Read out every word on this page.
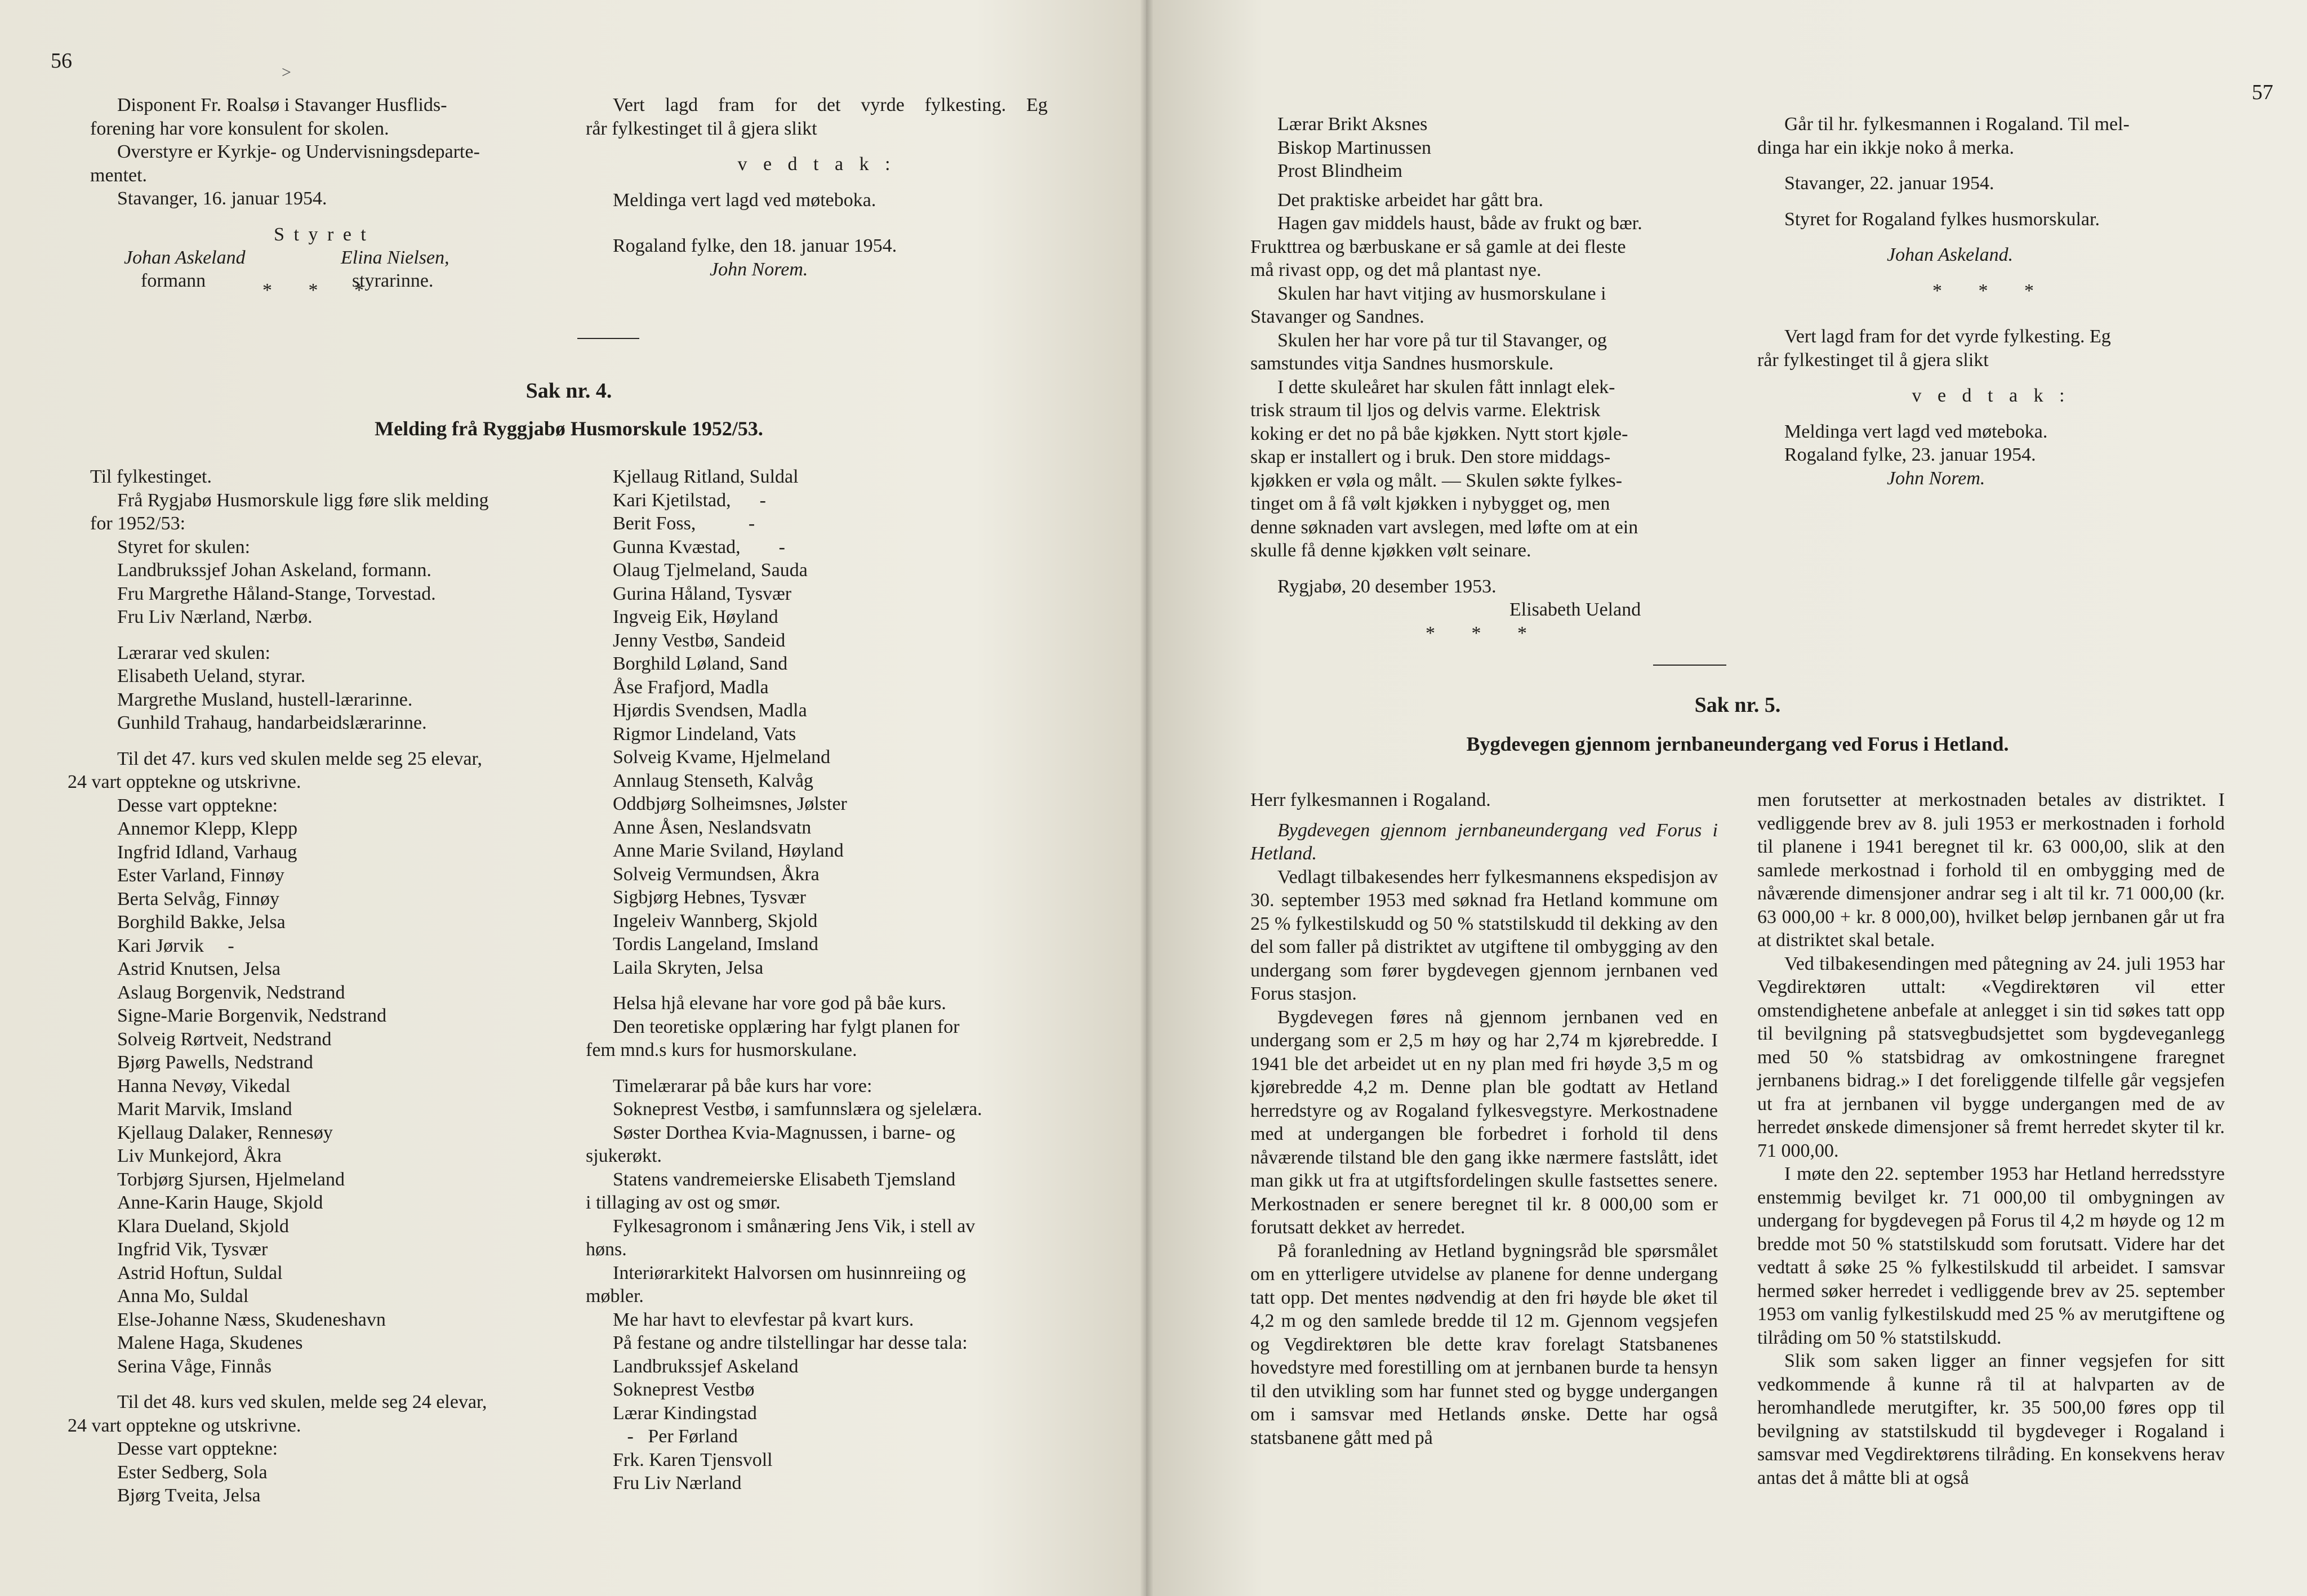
56	>

Disponent Fr. Roalsø i Stavanger Husflids-

forening har vore konsulent for skolen.

Overstyre er Kyrkje- og Undervisningsdeparte-

mentet.

Stavanger, 16. januar 1954.

S t y r e t

Johan Askeland	Elina Nielsen,

formann	styrarinne.

* * *

Vert lagd fram for det vyrde fylkesting. Eg

rår fylkestinget til å gjera slikt

v e d t a k :

Meldinga vert lagd ved møteboka.

Rogaland fylke, den 18. januar 1954.

John Norem.

Sak nr. 4.
Melding frå Ryggjabø Husmorskule 1952/53.

Til fylkestinget.

Frå Rygjabø Husmorskule ligg føre slik melding

for 1952/53:

Styret for skulen:

Landbrukssjef Johan Askeland, formann.

Fru Margrethe Håland-Stange, Torvestad.

Fru Liv Nærland, Nærbø.

Lærarar ved skulen:

Elisabeth Ueland, styrar.

Margrethe Musland, hustell-lærarinne.

Gunhild Trahaug, handarbeidslærarinne.

Til det 47. kurs ved skulen melde seg 25 elevar,

24 vart opptekne og utskrivne.

Desse vart opptekne:

Annemor Klepp, Klepp

Ingfrid Idland, Varhaug

Ester Varland, Finnøy

Berta Selvåg, Finnøy

Borghild Bakke, Jelsa

Kari Jørvik     -

Astrid Knutsen, Jelsa

Aslaug Borgenvik, Nedstrand

Signe-Marie Borgenvik, Nedstrand

Solveig Rørtveit, Nedstrand

Bjørg Pawells, Nedstrand

Hanna Nevøy, Vikedal

Marit Marvik, Imsland

Kjellaug Dalaker, Rennesøy

Liv Munkejord, Åkra

Torbjørg Sjursen, Hjelmeland

Anne-Karin Hauge, Skjold

Klara Dueland, Skjold

Ingfrid Vik, Tysvær

Astrid Hoftun, Suldal

Anna Mo, Suldal

Else-Johanne Næss, Skudeneshavn

Malene Haga, Skudenes

Serina Våge, Finnås

Til det 48. kurs ved skulen, melde seg 24 elevar,

24 vart opptekne og utskrivne.

Desse vart opptekne:

Ester Sedberg, Sola

Bjørg Tveita, Jelsa

Kjellaug Ritland, Suldal

Kari Kjetilstad,      -

Berit Foss,           -

Gunna Kvæstad,        -

Olaug Tjelmeland, Sauda

Gurina Håland, Tysvær

Ingveig Eik, Høyland

Jenny Vestbø, Sandeid

Borghild Løland, Sand

Åse Frafjord, Madla

Hjørdis Svendsen, Madla

Rigmor Lindeland, Vats

Solveig Kvame, Hjelmeland

Annlaug Stenseth, Kalvåg

Oddbjørg Solheimsnes, Jølster

Anne Åsen, Neslandsvatn

Anne Marie Sviland, Høyland

Solveig Vermundsen, Åkra

Sigbjørg Hebnes, Tysvær

Ingeleiv Wannberg, Skjold

Tordis Langeland, Imsland

Laila Skryten, Jelsa

Helsa hjå elevane har vore god på båe kurs.

Den teoretiske opplæring har fylgt planen for

fem mnd.s kurs for husmorskulane.

Timelærarar på båe kurs har vore:

Sokneprest Vestbø, i samfunnslæra og sjelelæra.

Søster Dorthea Kvia-Magnussen, i barne- og

sjukerøkt.

Statens vandremeierske Elisabeth Tjemsland

i tillaging av ost og smør.

Fylkesagronom i smånæring Jens Vik, i stell av

høns.

Interiørarkitekt Halvorsen om husinnreiing og

møbler.

Me har havt to elevfestar på kvart kurs.

På festane og andre tilstellingar har desse tala:

Landbrukssjef Askeland

Sokneprest Vestbø

Lærar Kindingstad

-   Per Førland

Frk. Karen Tjensvoll

Fru Liv Nærland

57

Lærar Brikt Aksnes

Biskop Martinussen

Prost Blindheim

Det praktiske arbeidet har gått bra.

Hagen gav middels haust, både av frukt og bær.

Frukttrea og bærbuskane er så gamle at dei fleste

må rivast opp, og det må plantast nye.

Skulen har havt vitjing av husmorskulane i

Stavanger og Sandnes.

Skulen her har vore på tur til Stavanger, og

samstundes vitja Sandnes husmorskule.

I dette skuleåret har skulen fått innlagt elek-

trisk straum til ljos og delvis varme. Elektrisk

koking er det no på båe kjøkken. Nytt stort kjøle-

skap er installert og i bruk. Den store middags-

kjøkken er vøla og målt. — Skulen søkte fylkes-

tinget om å få vølt kjøkken i nybygget og, men

denne søknaden vart avslegen, med løfte om at ein

skulle få denne kjøkken vølt seinare.

Rygjabø, 20 desember 1953.

Elisabeth Ueland

* * *

Går til hr. fylkesmannen i Rogaland. Til mel-

dinga har ein ikkje noko å merka.

Stavanger, 22. januar 1954.

Styret for Rogaland fylkes husmorskular.

Johan Askeland.

* * *

Vert lagd fram for det vyrde fylkesting. Eg

rår fylkestinget til å gjera slikt

v e d t a k :

Meldinga vert lagd ved møteboka.

Rogaland fylke, 23. januar 1954.

John Norem.

Sak nr. 5.
Bygdevegen gjennom jernbaneundergang ved Forus i Hetland.

Herr fylkesmannen i Rogaland.

Bygdevegen gjennom jernbaneundergang ved Forus i Hetland.

Vedlagt tilbakesendes herr fylkesmannens ekspedisjon av 30. september 1953 med søknad fra Hetland kommune om 25 % fylkestilskudd og 50 % statstilskudd til dekking av den del som faller på distriktet av utgiftene til ombygging av den undergang som fører bygdevegen gjennom jernbanen ved Forus stasjon.

Bygdevegen føres nå gjennom jernbanen ved en undergang som er 2,5 m høy og har 2,74 m kjørebredde. I 1941 ble det arbeidet ut en ny plan med fri høyde 3,5 m og kjørebredde 4,2 m. Denne plan ble godtatt av Hetland herredstyre og av Rogaland fylkesvegstyre. Merkostnadene med at undergangen ble forbedret i forhold til dens nåværende tilstand ble den gang ikke nærmere fastslått, idet man gikk ut fra at utgiftsfordelingen skulle fastsettes senere. Merkostnaden er senere beregnet til kr. 8 000,00 som er forutsatt dekket av herredet.

På foranledning av Hetland bygningsråd ble spørsmålet om en ytterligere utvidelse av planene for denne undergang tatt opp. Det mentes nødvendig at den fri høyde ble øket til 4,2 m og den samlede bredde til 12 m. Gjennom vegsjefen og Vegdirektøren ble dette krav forelagt Statsbanenes hovedstyre med forestilling om at jernbanen burde ta hensyn til den utvikling som har funnet sted og bygge undergangen om i samsvar med Hetlands ønske. Dette har også statsbanene gått med på

men forutsetter at merkostnaden betales av distriktet. I vedliggende brev av 8. juli 1953 er merkostnaden i forhold til planene i 1941 beregnet til kr. 63 000,00, slik at den samlede merkostnad i forhold til en ombygging med de nåværende dimensjoner andrar seg i alt til kr. 71 000,00 (kr. 63 000,00 + kr. 8 000,00), hvilket beløp jernbanen går ut fra at distriktet skal betale.

Ved tilbakesendingen med påtegning av 24. juli 1953 har Vegdirektøren uttalt: «Vegdirektøren vil etter omstendighetene anbefale at anlegget i sin tid søkes tatt opp til bevilgning på statsvegbudsjettet som bygdeveganlegg med 50 % statsbidrag av omkostningene fraregnet jernbanens bidrag.» I det foreliggende tilfelle går vegsjefen ut fra at jernbanen vil bygge undergangen med de av herredet ønskede dimensjoner så fremt herredet skyter til kr. 71 000,00.

I møte den 22. september 1953 har Hetland herredsstyre enstemmig bevilget kr. 71 000,00 til ombygningen av undergang for bygdevegen på Forus til 4,2 m høyde og 12 m bredde mot 50 % statstilskudd som forutsatt. Videre har det vedtatt å søke 25 % fylkestilskudd til arbeidet. I samsvar hermed søker herredet i vedliggende brev av 25. september 1953 om vanlig fylkestilskudd med 25 % av merutgiftene og tilråding om 50 % statstilskudd.

Slik som saken ligger an finner vegsjefen for sitt vedkommende å kunne rå til at halvparten av de heromhandlede merutgifter, kr. 35 500,00 føres opp til bevilgning av statstilskudd til bygdeveger i Rogaland i samsvar med Vegdirektørens tilråding. En konsekvens herav antas det å måtte bli at også
